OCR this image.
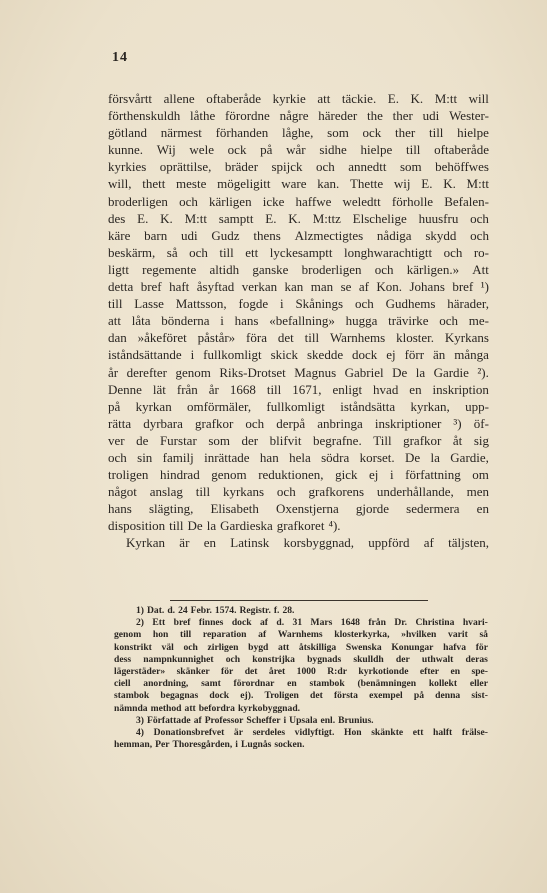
14
försvårtt allene oftaberåde kyrkie att täckie. E. K. M:tt will
förthenskuldh låthe förordne någre härеder the ther udi Wester-
götland närmest förhanden låghe, som ock ther till hielpe
kunne. Wij wele ock på wår sidhe hielpe till oftaberåde
kyrkies oprättilse, bräder spijck och annedtt som behöffwes
will, thett meste mögeligitt ware kan. Thette wij E. K. M:tt
broderligen och kärligen icke haffwe weledtt förholle Befalen-
des E. K. M:tt samptt E. K. M:ttz Elschelige huusfru och
käre barn udi Gudz thens Alzmectigtes nådiga skydd och
beskärm, så och till ett lyckesamptt longhwarachtigtt och ro-
ligtt regemente altidh ganske broderligen och kärligen.» Att
detta bref haft åsyftad verkan kan man se af Kon. Johans bref ¹)
till Lasse Mattsson, fogde i Skånings och Gudhems härader,
att låta bönderna i hans «befallning» hugga trävirke och me-
dan »åkeföret påstår» föra det till Warnhems kloster. Kyrkans
iståndsättande i fullkomligt skick skedde dock ej förr än många
år derefter genom Riks-Drotset Magnus Gabriel De la Gardie ²).
Denne lät från år 1668 till 1671, enligt hvad en inskription
på kyrkan omförmäler, fullkomligt iståndsätta kyrkan, upp-
rätta dyrbara grafkor och derpå anbringa inskriptioner ³) öf-
ver de Furstar som der blifvit begrafne. Till grafkor åt sig
och sin familj inrättade han hela södra korset. De la Gardie,
troligen hindrad genom reduktionen, gick ej i författning om
något anslag till kyrkans och grafkorens underhållande, men
hans slägting, Elisabeth Oxenstjerna gjorde sedermera en
disposition till De la Gardieska grafkoret ⁴).
Kyrkan är en Latinsk korsbyggnad, uppförd af täljsten,
1) Dat. d. 24 Febr. 1574. Registr. f. 28.
2) Ett bref finnes dock af d. 31 Mars 1648 från Dr. Christina hvari-
genom hon till reparation af Warnhems klosterkyrka, »hvilken varit så
konstrikt väl och zirligen bygd att åtskilliga Swenska Konungar hafva för
dess nampnkunnighet och konstrijka bygnads skulldh der uthwalt deras
lägerstäder» skänker för det året 1000 R:dr kyrkotionde efter en spe-
ciell anordning, samt förordnar en stambok (benämningen kollekt eller
stambok begagnas dock ej). Troligen det första exempel på denna sist-
nämnda method att befordra kyrkobyggnad.
3) Författade af Professor Scheffer i Upsala enl. Brunius.
4) Donationsbrefvet är serdeles vidlyftigt. Hon skänkte ett halft frälse-
hemman, Per Thoresgården, i Lugnås socken.
